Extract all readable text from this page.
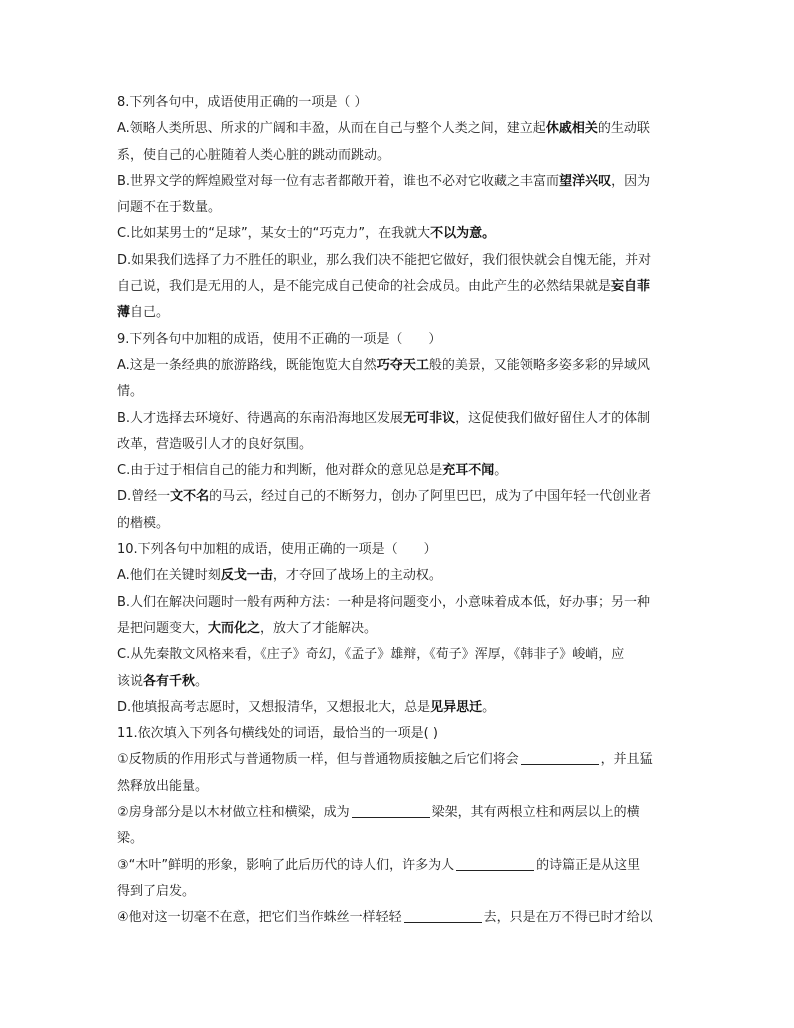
8.下列各句中，成语使用正确的一项是（ ）
A.领略人类所思、所求的广阔和丰盈，从而在自己与整个人类之间，建立起休戚相关的生动联
系，使自己的心脏随着人类心脏的跳动而跳动。
B.世界文学的辉煌殿堂对每一位有志者都敞开着，谁也不必对它收藏之丰富而望洋兴叹，因为
问题不在于数量。
C.比如某男士的“足球”，某女士的“巧克力”，在我就大不以为意。
D.如果我们选择了力不胜任的职业，那么我们决不能把它做好，我们很快就会自愧无能，并对
自己说，我们是无用的人，是不能完成自己使命的社会成员。由此产生的必然结果就是妄自菲
薄自己。
9.下列各句中加粗的成语，使用不正确的一项是（　　）
A.这是一条经典的旅游路线，既能饱览大自然巧夺天工般的美景，又能领略多姿多彩的异域风
情。
B.人才选择去环境好、待遇高的东南沿海地区发展无可非议，这促使我们做好留住人才的体制
改革，营造吸引人才的良好氛围。
C.由于过于相信自己的能力和判断，他对群众的意见总是充耳不闻。
D.曾经一文不名的马云，经过自己的不断努力，创办了阿里巴巴，成为了中国年轻一代创业者
的楷模。
10.下列各句中加粗的成语，使用正确的一项是（　　）
A.他们在关键时刻反戈一击，才夺回了战场上的主动权。
B.人们在解决问题时一般有两种方法：一种是将问题变小，小意味着成本低，好办事；另一种
是把问题变大，大而化之，放大了才能解决。
C.从先秦散文风格来看，《庄子》奇幻，《孟子》雄辩，《荀子》浑厚，《韩非子》峻峭，应
该说各有千秋。
D.他填报高考志愿时，又想报清华，又想报北大，总是见异思迁。
11.依次填入下列各句横线处的词语，最恰当的一项是( )
①反物质的作用形式与普通物质一样，但与普通物质接触之后它们将会	，并且猛
然释放出能量。
②房身部分是以木材做立柱和横梁，成为	梁架，其有两根立柱和两层以上的横
梁。
③“木叶”鲜明的形象，影响了此后历代的诗人们，许多为人	的诗篇正是从这里
得到了启发。
④他对这一切毫不在意，把它们当作蛛丝一样轻轻	去，只是在万不得已时才给以
